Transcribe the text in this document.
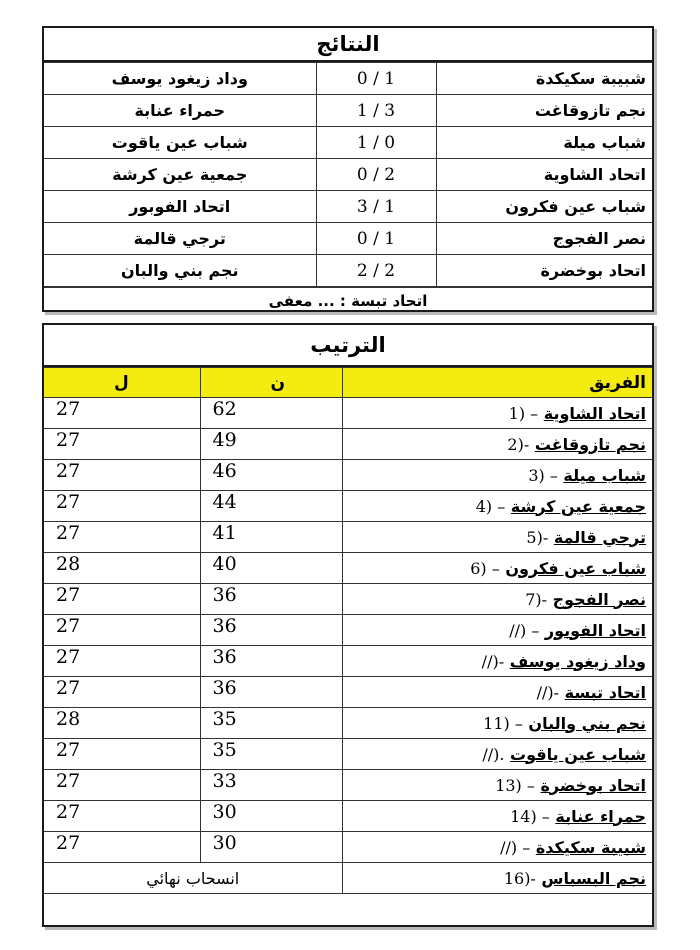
النتائج
وداد زيغود يوسف	0 / 1	شبيبة سكيكدة
حمراء عنابة	1 / 3	نجم تازوقاغت
شباب عين ياقوت	1 / 0	شباب ميلة
جمعية عين كرشة	0 / 2	اتحاد الشاوية
اتحاد الفوبور	3 / 1	شباب عين فكرون
ترجي قالمة	0 / 1	نصر الفجوج
نجم بني والبان	2 / 2	اتحاد بوخضرة
اتحاد تبسة : ... معفى
الترتيب
ل	ن	الفريق
27	62	1) – اتحاد الشاوية
27	49	2)- نجم تازوقاغت
27	46	3) – شباب ميلة
27	44	4) – جمعية عين كرشة
27	41	5)- ترجي قالمة
28	40	6) – شباب عين فكرون
27	36	7)- نصر الفجوج
27	36	//) – اتحاد الفوبور
27	36	//)- وداد زيغود يوسف
27	36	//)- اتحاد تبسة
28	35	11) – نجم بني والبان
27	35	//). شباب عين ياقوت
27	33	13) – اتحاد بوخضرة
27	30	14) – حمراء عنابة
27	30	//) – شبيبة سكيكدة
انسحاب نهائي		16)- نجم البسباس
